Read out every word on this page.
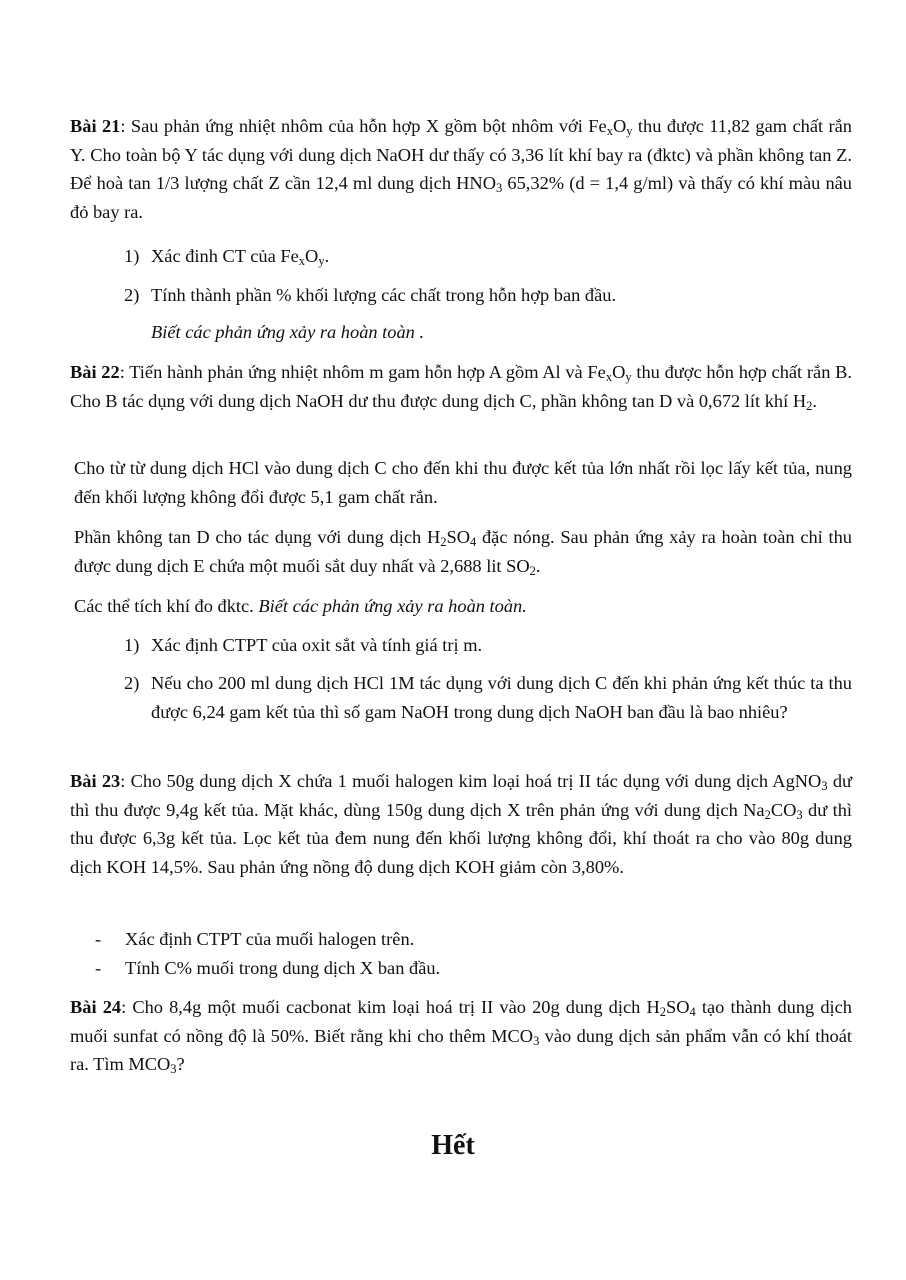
Bài 21: Sau phản ứng nhiệt nhôm của hỗn hợp X gồm bột nhôm với $Fe_xO_y$ thu được 11,82 gam chất rắn Y. Cho toàn bộ Y tác dụng với dung dịch NaOH dư thấy có 3,36 lít khí bay ra (đktc) và phần không tan Z. Để hoà tan 1/3 lượng chất Z cần 12,4 ml dung dịch $HNO_3$ 65,32% (d = 1,4 g/ml) và thấy có khí màu nâu đỏ bay ra.

1) Xác đinh CT của $Fe_xO_y$.
2) Tính thành phần % khối lượng các chất trong hỗn hợp ban đầu.
Biết các phản ứng xảy ra hoàn toàn .

Bài 22: Tiến hành phản ứng nhiệt nhôm m gam hỗn hợp A gồm Al và $Fe_xO_y$ thu được hỗn hợp chất rắn B. Cho B tác dụng với dung dịch NaOH dư thu được dung dịch C, phần không tan D và 0,672 lít khí $H_2$.

Cho từ từ dung dịch HCl vào dung dịch C cho đến khi thu được kết tủa lớn nhất rồi lọc lấy kết tủa, nung đến khối lượng không đổi được 5,1 gam chất rắn.

Phần không tan D cho tác dụng với dung dịch $H_2SO_4$ đặc nóng. Sau phản ứng xảy ra hoàn toàn chỉ thu được dung dịch E chứa một muối sắt duy nhất và 2,688 lit $SO_2$.

Các thể tích khí đo đktc. Biết các phản ứng xảy ra hoàn toàn.

1) Xác định CTPT của oxit sắt và tính giá trị m.
2) Nếu cho 200 ml dung dịch HCl 1M tác dụng với dung dịch C đến khi phản ứng kết thúc ta thu được 6,24 gam kết tủa thì số gam NaOH trong dung dịch NaOH ban đầu là bao nhiêu?

Bài 23: Cho 50g dung dịch X chứa 1 muối halogen kim loại hoá trị II tác dụng với dung dịch AgNO$_3$ dư thì thu được 9,4g kết tủa. Mặt khác, dùng 150g dung dịch X trên phản ứng với dung dịch $Na_2CO_3$ dư thì thu được 6,3g kết tủa. Lọc kết tủa đem nung đến khối lượng không đổi, khí thoát ra cho vào 80g dung dịch KOH 14,5%. Sau phản ứng nồng độ dung dịch KOH giảm còn 3,80%.

- Xác định CTPT của muối halogen trên.
- Tính C% muối trong dung dịch X ban đầu.

Bài 24: Cho 8,4g một muối cacbonat kim loại hoá trị II vào 20g dung dịch $H_2SO_4$ tạo thành dung dịch muối sunfat có nồng độ là 50%. Biết rằng khi cho thêm $MCO_3$ vào dung dịch sản phẩm vẫn có khí thoát ra. Tìm $MCO_3$?

Hết
